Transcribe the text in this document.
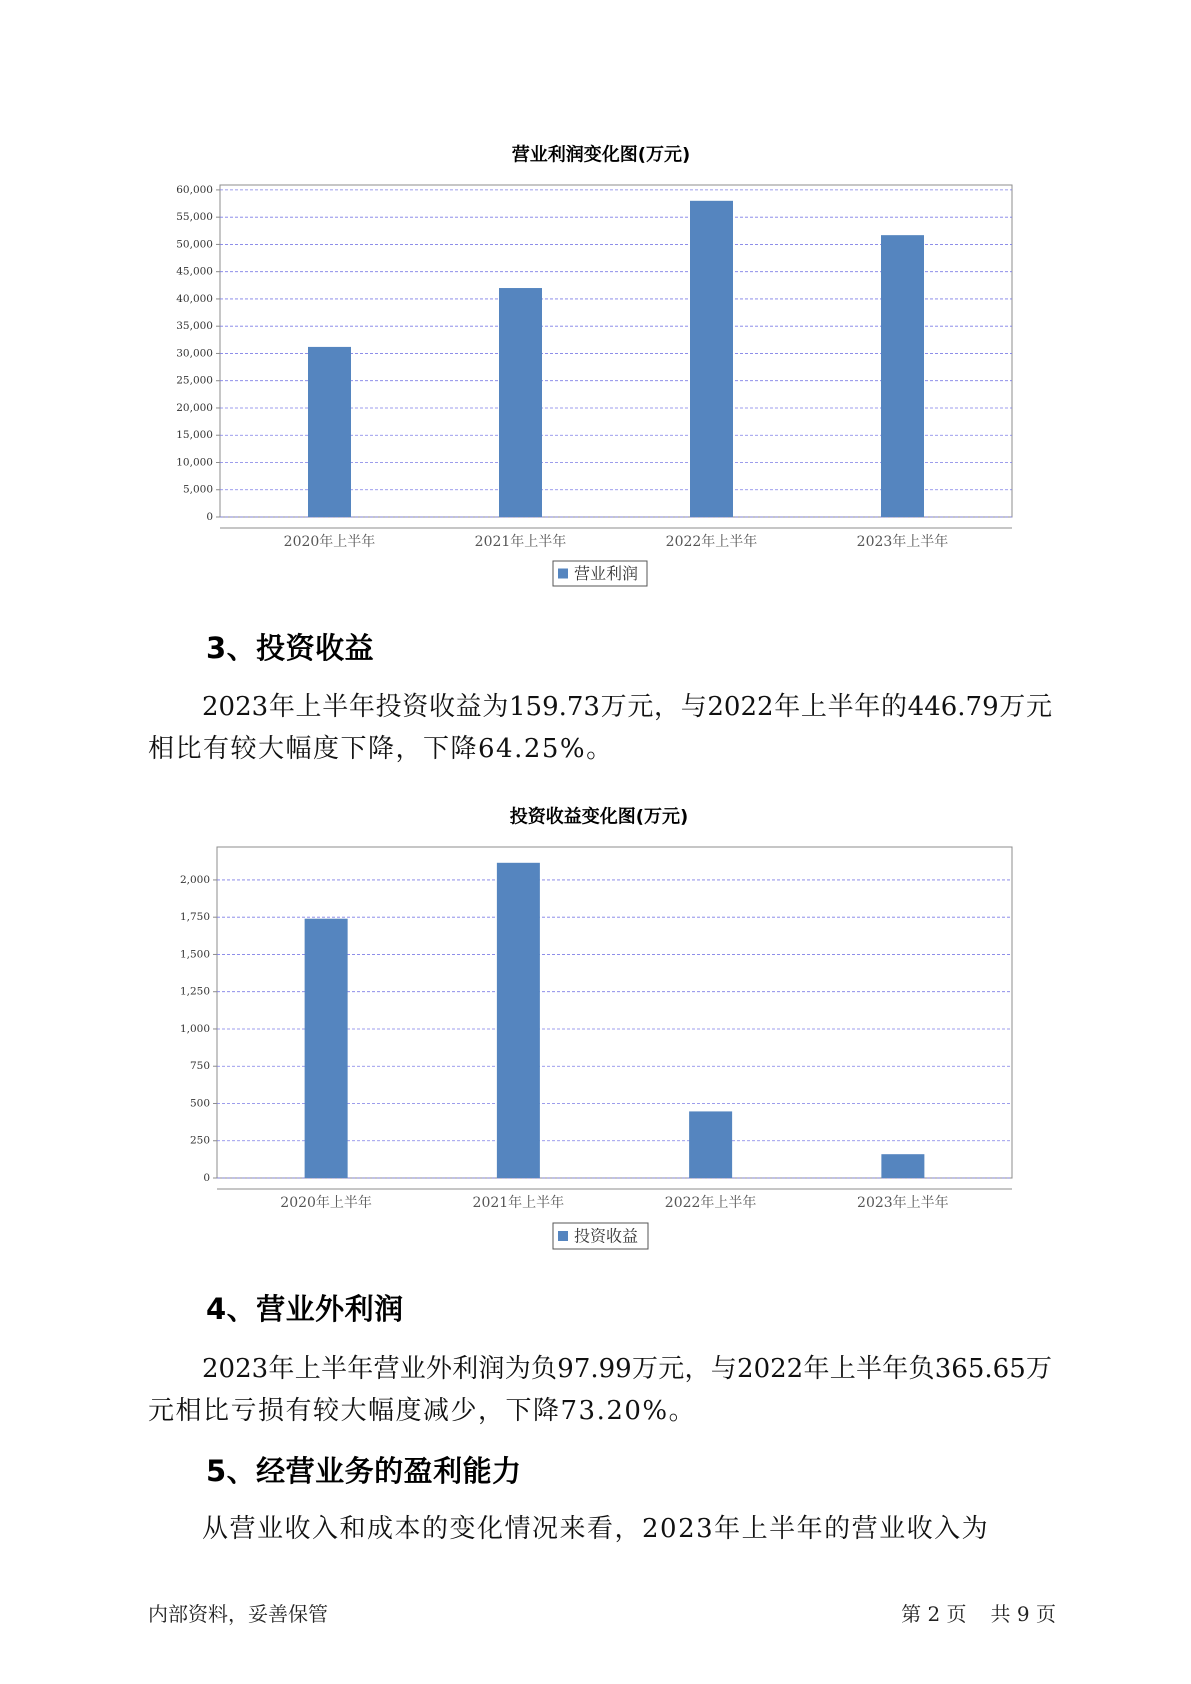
营业利润变化图(万元)
0
5,000
10,000
15,000
20,000
25,000
30,000
35,000
40,000
45,000
50,000
55,000
60,000
2020年上半年	2021年上半年	2022年上半年	2023年上半年
营业利润
3、投资收益
2023年上半年投资收益为159.73万元，与2022年上半年的446.79万元
相比有较大幅度下降，下降64.25%。
投资收益变化图(万元)
0
250
500
750
1,000
1,250
1,500
1,750
2,000
2020年上半年	2021年上半年	2022年上半年	2023年上半年
投资收益
4、营业外利润
2023年上半年营业外利润为负97.99万元，与2022年上半年负365.65万
元相比亏损有较大幅度减少，下降73.20%。
5、经营业务的盈利能力
从营业收入和成本的变化情况来看，2023年上半年的营业收入为
内部资料，妥善保管	第 2 页 共 9 页
